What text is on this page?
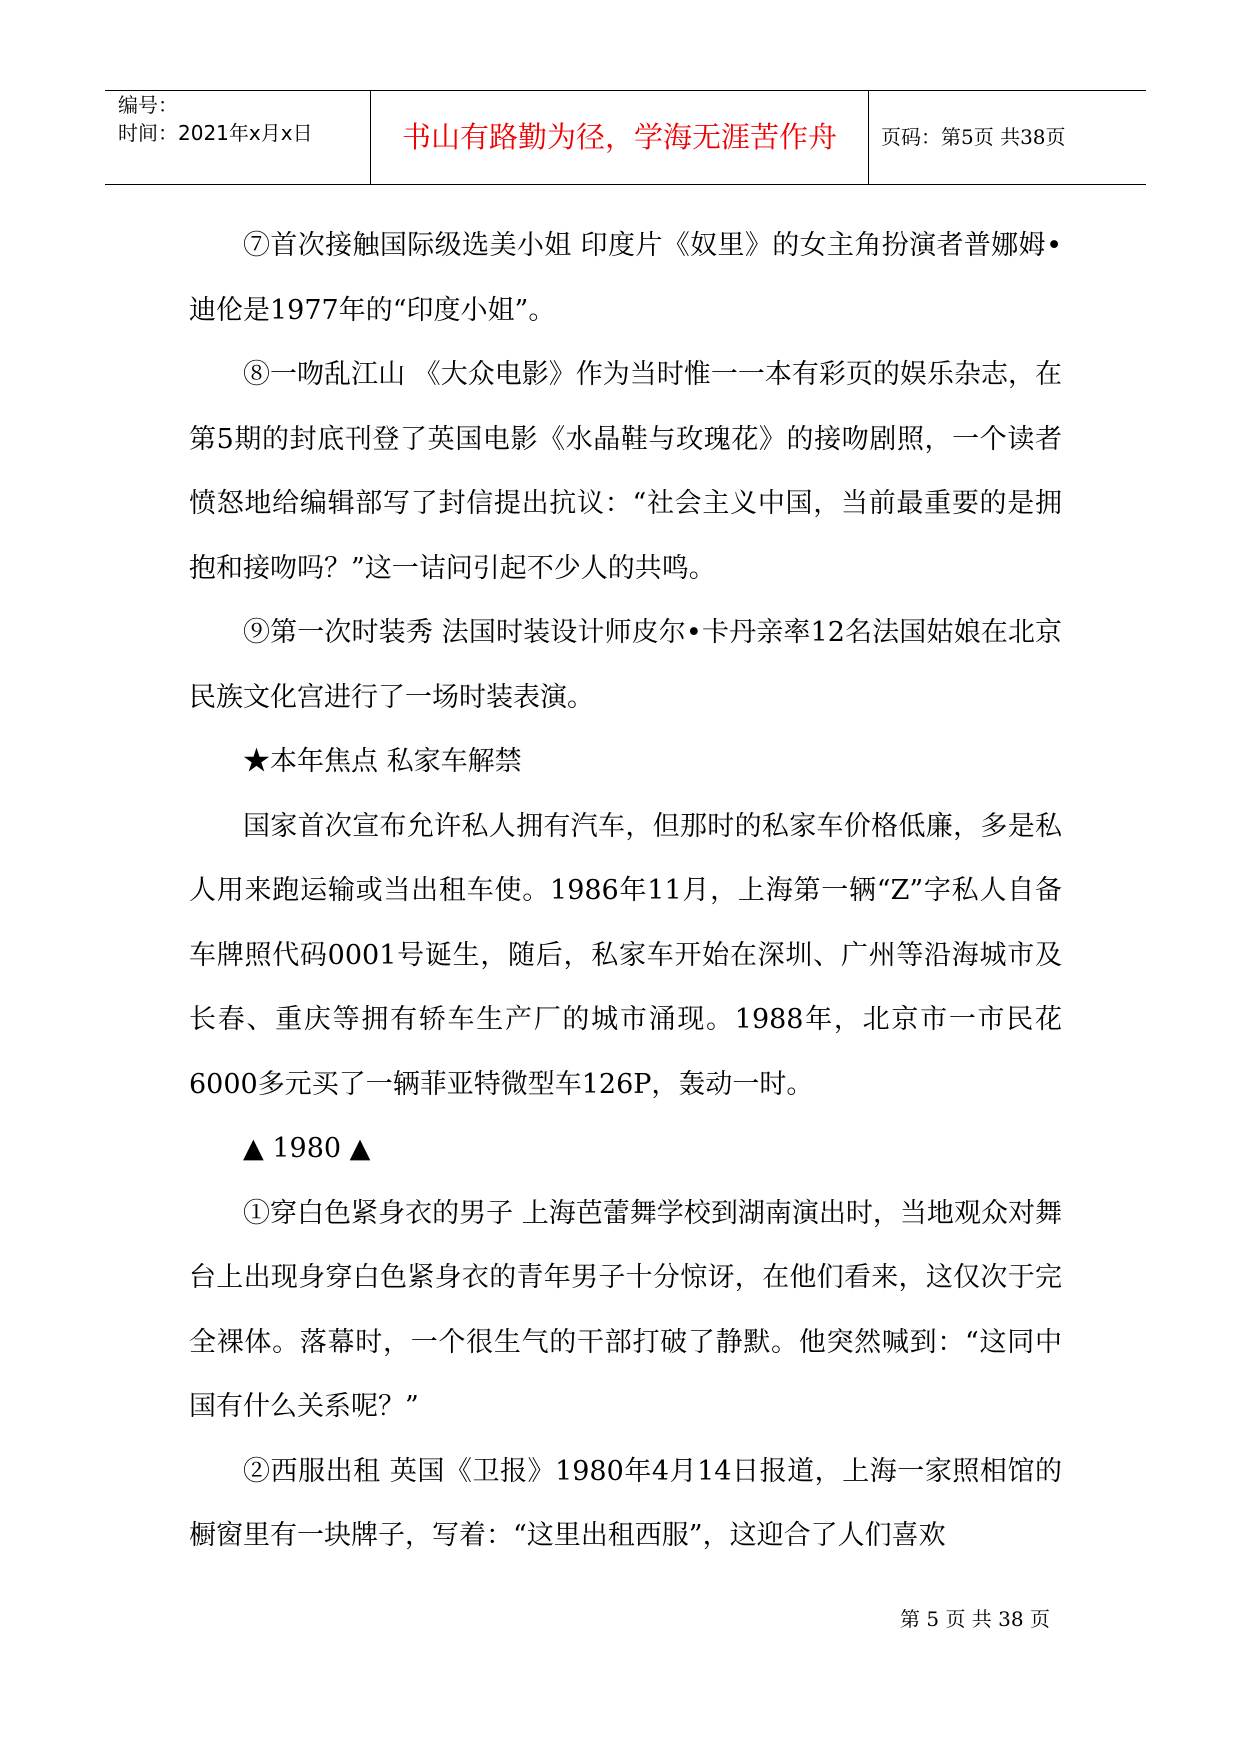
编号：
时间：2021年x月x日	书山有路勤为径，学海无涯苦作舟	页码：第5页 共38页

⑦首次接触国际级选美小姐 印度片《奴里》的女主角扮演者普娜姆•迪伦是1977年的“印度小姐”。

⑧一吻乱江山 《大众电影》作为当时惟一一本有彩页的娱乐杂志，在第5期的封底刊登了英国电影《水晶鞋与玫瑰花》的接吻剧照，一个读者愤怒地给编辑部写了封信提出抗议：“社会主义中国，当前最重要的是拥抱和接吻吗？”这一诘问引起不少人的共鸣。

⑨第一次时装秀 法国时装设计师皮尔•卡丹亲率12名法国姑娘在北京民族文化宫进行了一场时装表演。

★本年焦点 私家车解禁

国家首次宣布允许私人拥有汽车，但那时的私家车价格低廉，多是私人用来跑运输或当出租车使。1986年11月，上海第一辆“Z”字私人自备车牌照代码0001号诞生，随后，私家车开始在深圳、广州等沿海城市及长春、重庆等拥有轿车生产厂的城市涌现。1988年，北京市一市民花6000多元买了一辆菲亚特微型车126P，轰动一时。

▲ 1980 ▲

①穿白色紧身衣的男子 上海芭蕾舞学校到湖南演出时，当地观众对舞台上出现身穿白色紧身衣的青年男子十分惊讶，在他们看来，这仅次于完全裸体。落幕时，一个很生气的干部打破了静默。他突然喊到：“这同中国有什么关系呢？”

②西服出租 英国《卫报》1980年4月14日报道，上海一家照相馆的橱窗里有一块牌子，写着：“这里出租西服”，这迎合了人们喜欢

第 5 页 共 38 页
